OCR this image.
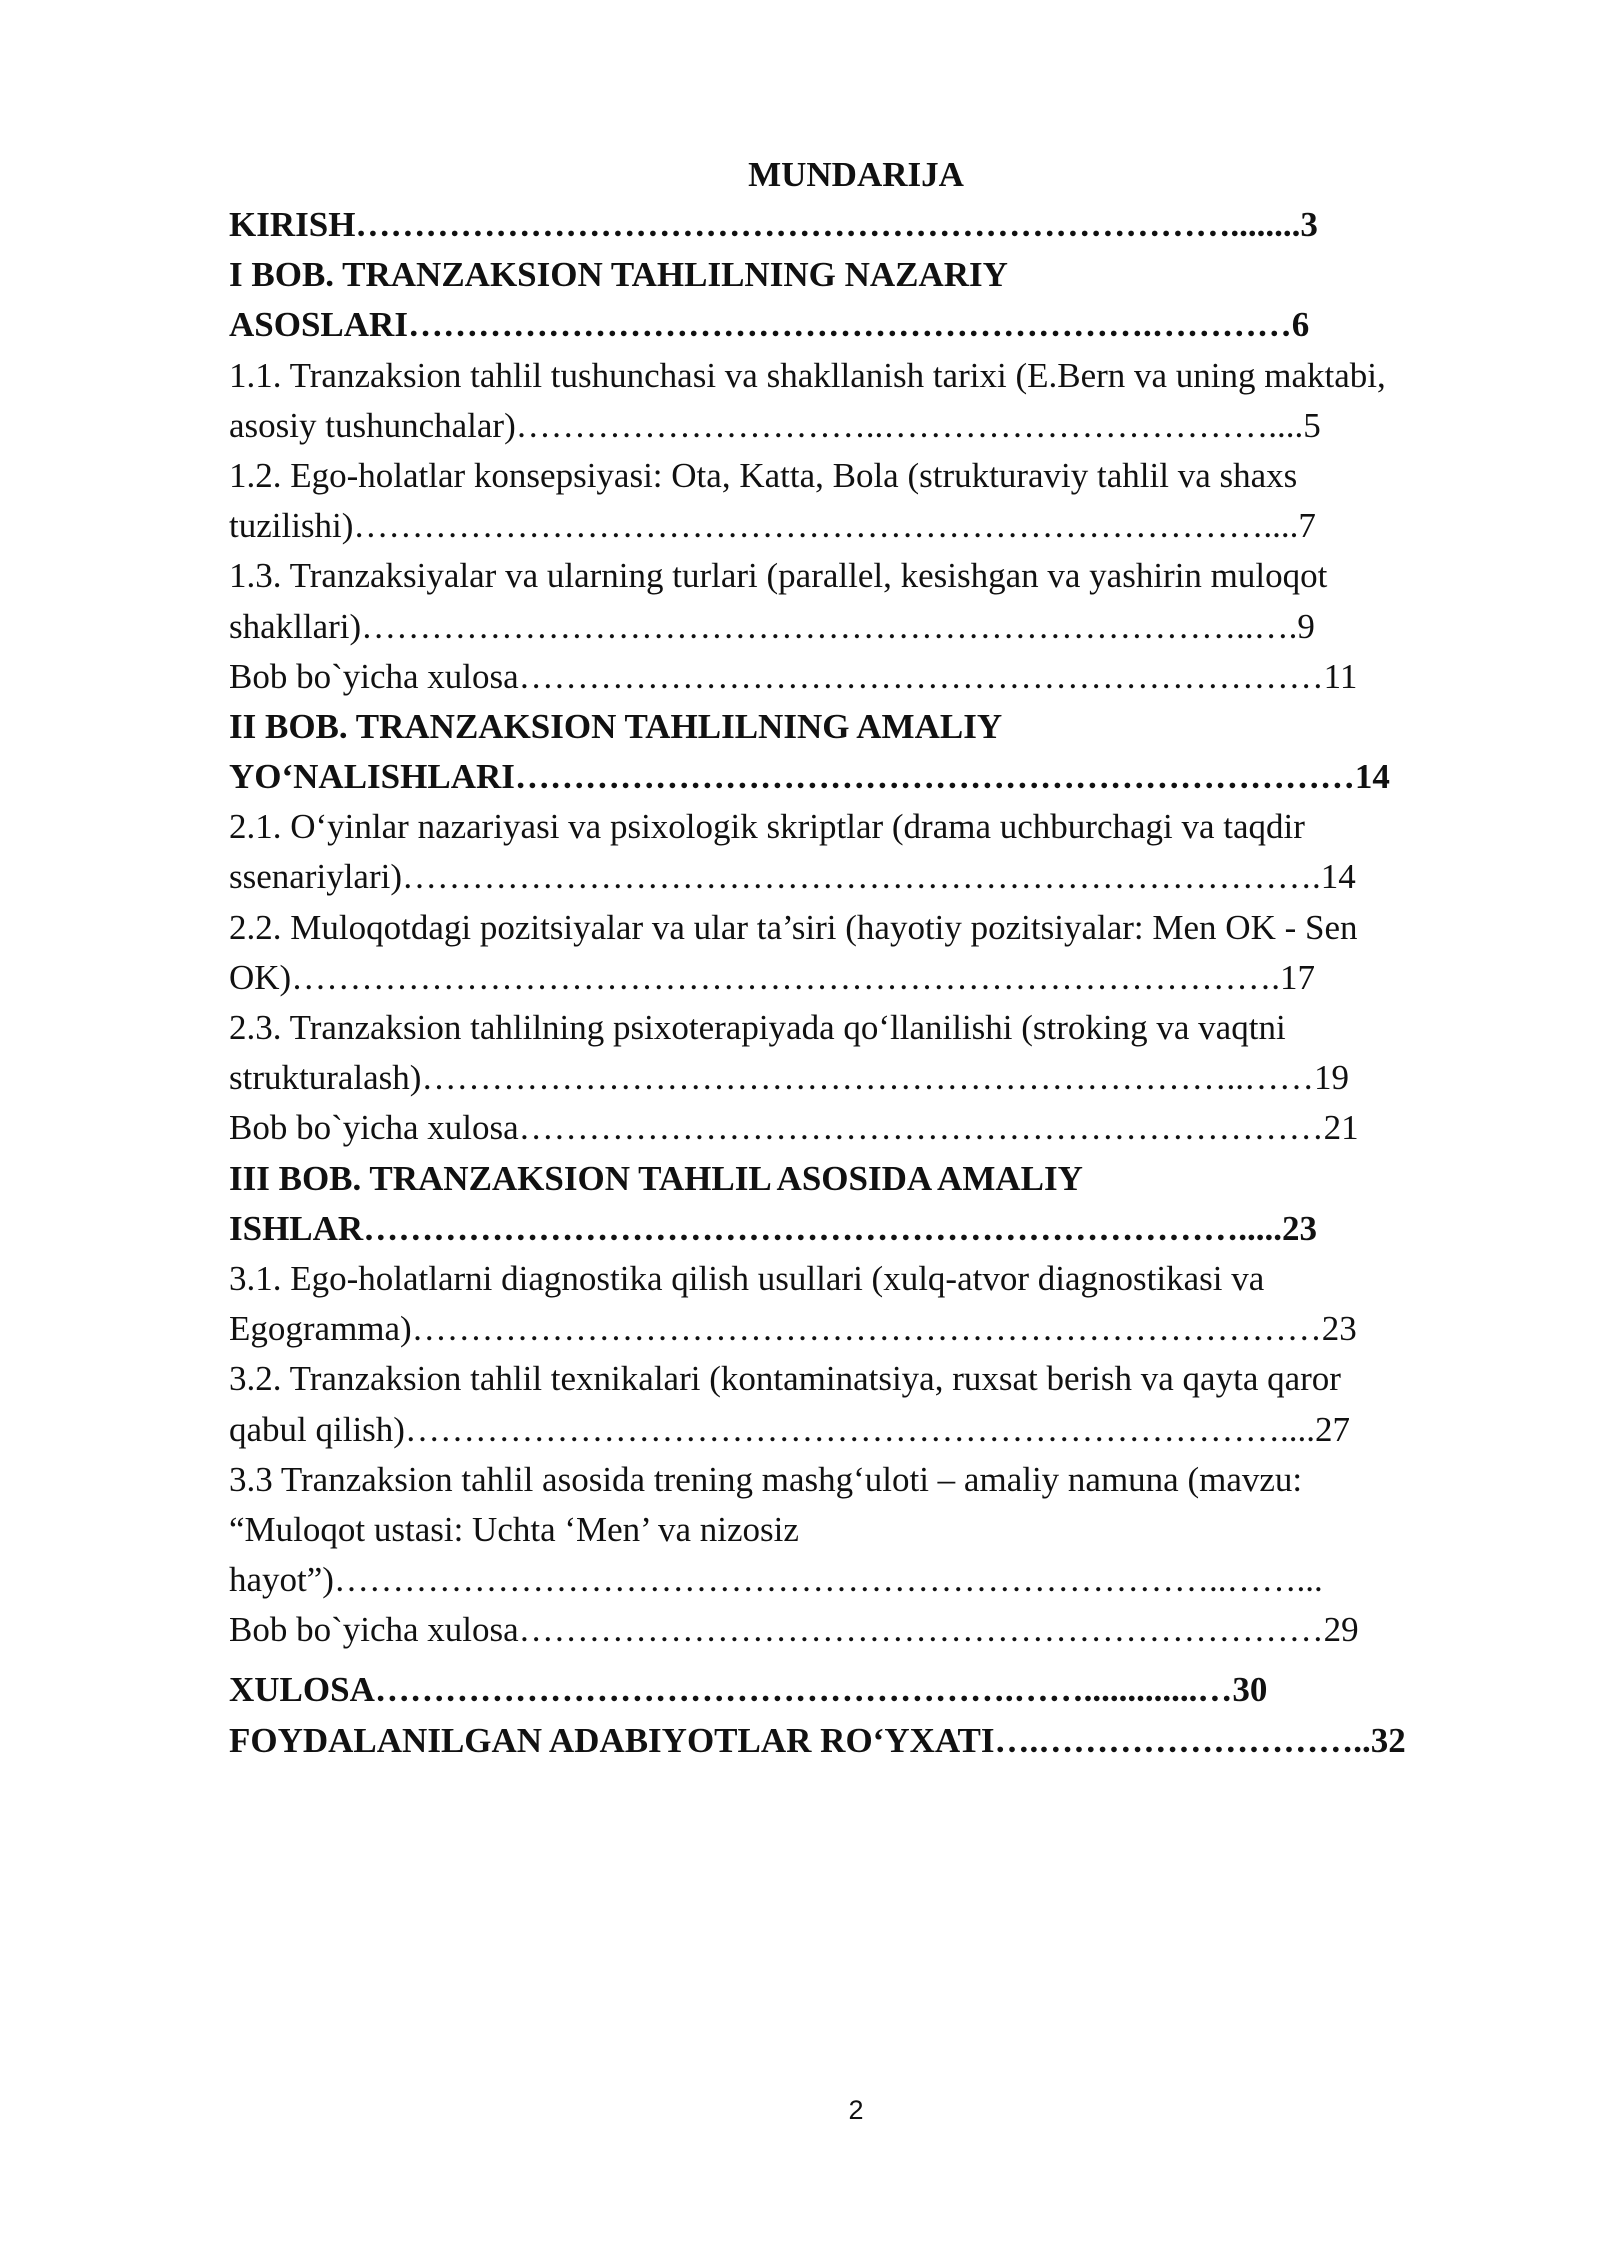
MUNDARIJA
KIRISH…………………………………………………………………........3
I BOB. TRANZAKSION TAHLILNING NAZARIY
ASOSLARI……………………………………………………….…………6
1.1. Tranzaksion tahlil tushunchasi va shakllanish tarixi (E.Bern va uning maktabi,
asosiy tushunchalar)…………………………..……………………………....5
1.2. Ego-holatlar konsepsiyasi: Ota, Katta, Bola (strukturaviy tahlil va shaxs
tuzilishi)……………………………………………………………………....7
1.3. Tranzaksiyalar va ularning turlari (parallel, kesishgan va yashirin muloqot
shakllari)…………………………………………………………………..….9
Bob bo`yicha xulosa……………………………………………………………11
II BOB. TRANZAKSION TAHLILNING AMALIY
YO‘NALISHLARI………………………………………………………………14
2.1. O‘yinlar nazariyasi va psixologik skriptlar (drama uchburchagi va taqdir
ssenariylari)…………………………………………………………………….14
2.2. Muloqotdagi pozitsiyalar va ular ta’siri (hayotiy pozitsiyalar: Men OK - Sen
OK)………………………………………………………………………….17
2.3. Tranzaksion tahlilning psixoterapiyada qo‘llanilishi (stroking va vaqtni
strukturalash)……………………………………………………………..……19
Bob bo`yicha xulosa……………………………………………………………21
III BOB. TRANZAKSION TAHLIL ASOSIDA AMALIY
ISHLAR………………………………………………………………….....23
3.1. Ego-holatlarni diagnostika qilish usullari (xulq-atvor diagnostikasi va
Egogramma)……………………………………………………………………23
3.2. Tranzaksion tahlil texnikalari (kontaminatsiya, ruxsat berish va qayta qaror
qabul qilish)…………………………………………………………………....27
3.3 Tranzaksion tahlil asosida trening mashg‘uloti – amaliy namuna (mavzu:
“Muloqot ustasi: Uchta ‘Men’ va nizosiz
hayot”)…………………………………………………………………..……...
Bob bo`yicha xulosa……………………………………………………………29
XULOSA……………………………………………….…….............…30
FOYDALANILGAN ADABIYOTLAR RO‘YXATI….………………………..32
2
